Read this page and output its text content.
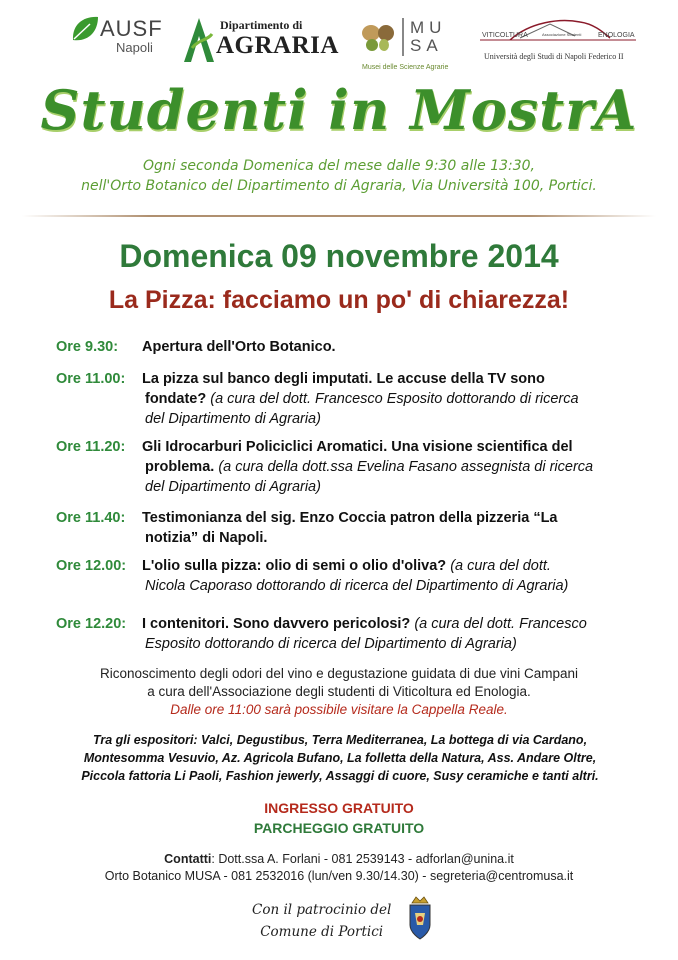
AUSF
Napoli
Dipartimento di
AGRARIA
MUSA
Musei delle Scienze Agrarie
VITICOLTURA	Associazione Studenti ENOLOGIA
Università degli Studi di Napoli Federico II
Studenti in MostrA
Ogni seconda Domenica del mese dalle 9:30 alle 13:30,
nell'Orto Botanico del Dipartimento di Agraria, Via Università 100, Portici.
Domenica 09 novembre 2014
La Pizza: facciamo un po' di chiarezza!
Ore 9.30: Apertura dell'Orto Botanico.
Ore 11.00: La pizza sul banco degli imputati. Le accuse della TV sono
fondate? (a cura del dott. Francesco Esposito dottorando di ricerca
del Dipartimento di Agraria)
Ore 11.20: Gli Idrocarburi Policiclici Aromatici. Una visione scientifica del
problema. (a cura della dott.ssa Evelina Fasano assegnista di ricerca
del Dipartimento di Agraria)
Ore 11.40: Testimonianza del sig. Enzo Coccia patron della pizzeria “La
notizia” di Napoli.
Ore 12.00: L'olio sulla pizza: olio di semi o olio d'oliva? (a cura del dott.
Nicola Caporaso dottorando di ricerca del Dipartimento di Agraria)
Ore 12.20: I contenitori. Sono davvero pericolosi? (a cura del dott. Francesco
Esposito dottorando di ricerca del Dipartimento di Agraria)
Riconoscimento degli odori del vino e degustazione guidata di due vini Campani
a cura dell'Associazione degli studenti di Viticoltura ed Enologia.
Dalle ore 11:00 sarà possibile visitare la Cappella Reale.
Tra gli espositori: Valci, Degustibus, Terra Mediterranea, La bottega di via Cardano,
Montesomma Vesuvio, Az. Agricola Bufano, La folletta della Natura, Ass. Andare Oltre,
Piccola fattoria Li Paoli, Fashion jewerly, Assaggi di cuore, Susy ceramiche e tanti altri.
INGRESSO GRATUITO
PARCHEGGIO GRATUITO
Contatti: Dott.ssa A. Forlani - 081 2539143 - adforlan@unina.it
Orto Botanico MUSA - 081 2532016 (lun/ven 9.30/14.30) - segreteria@centromusa.it
Con il patrocinio del
Comune di Portici
